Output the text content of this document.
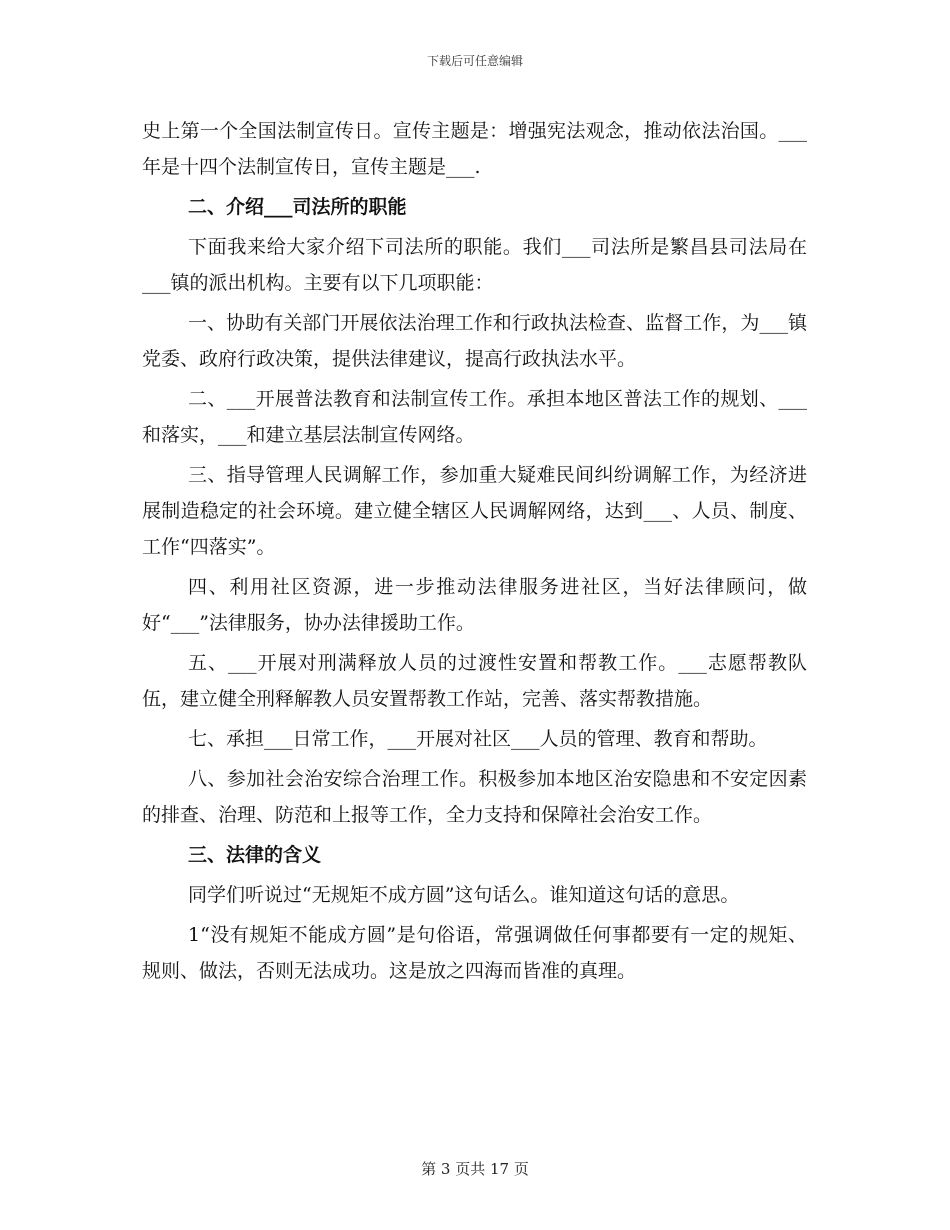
下载后可任意编辑

史上第一个全国法制宣传日。宣传主题是：增强宪法观念，推动依法治国。___年是十四个法制宣传日，宣传主题是___.

二、介绍___司法所的职能

下面我来给大家介绍下司法所的职能。我们___司法所是繁昌县司法局在___镇的派出机构。主要有以下几项职能：

一、协助有关部门开展依法治理工作和行政执法检查、监督工作，为___镇党委、政府行政决策，提供法律建议，提高行政执法水平。

二、___开展普法教育和法制宣传工作。承担本地区普法工作的规划、___和落实，___和建立基层法制宣传网络。

三、指导管理人民调解工作，参加重大疑难民间纠纷调解工作，为经济进展制造稳定的社会环境。建立健全辖区人民调解网络，达到___、人员、制度、工作“四落实”。

四、利用社区资源，进一步推动法律服务进社区，当好法律顾问，做好“___”法律服务，协办法律援助工作。

五、___开展对刑满释放人员的过渡性安置和帮教工作。___志愿帮教队伍，建立健全刑释解教人员安置帮教工作站，完善、落实帮教措施。

七、承担___日常工作，___开展对社区___人员的管理、教育和帮助。

八、参加社会治安综合治理工作。积极参加本地区治安隐患和不安定因素的排查、治理、防范和上报等工作，全力支持和保障社会治安工作。

三、法律的含义

同学们听说过“无规矩不成方圆”这句话么。谁知道这句话的意思。

1“没有规矩不能成方圆”是句俗语，常强调做任何事都要有一定的规矩、规则、做法，否则无法成功。这是放之四海而皆准的真理。

第 3 页共 17 页
